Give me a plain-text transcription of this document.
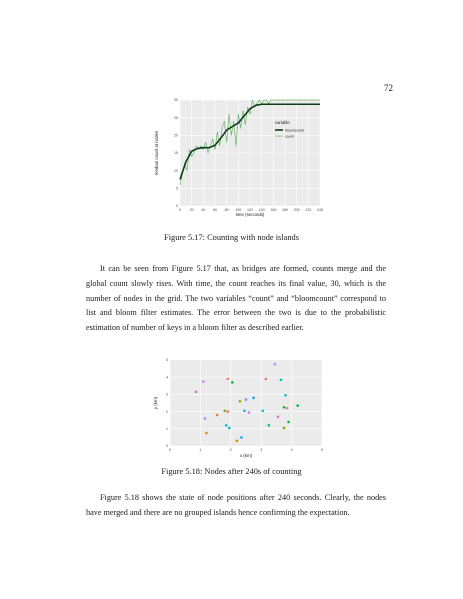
72
0 20 40 60 80 100 120 140 160 180 200 220 240
0
5
10
15
20
25
30
time (seconds)
median count at nodes
variable
bloomcount
count
Figure 5.17: Counting with node islands
It can be seen from Figure 5.17 that, as bridges are formed, counts merge and the global count slowly rises. With time, the count reaches its final value, 30, which is the number of nodes in the grid. The two variables “count” and “bloomcount” correspond to list and bloom filter estimates. The error between the two is due to the probabilistic estimation of number of keys in a bloom filter as described earlier.
0	1	2	3	4	5
0
1
2
3
4
5
x (km)
y (km)
Figure 5.18: Nodes after 240s of counting
Figure 5.18 shows the state of node positions after 240 seconds. Clearly, the nodes have merged and there are no grouped islands hence confirming the expectation.
